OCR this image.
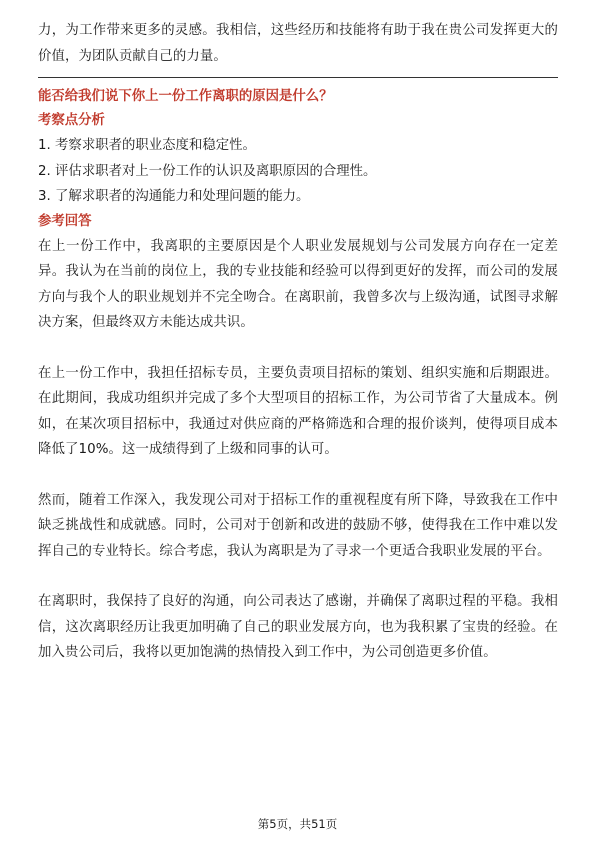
力，为工作带来更多的灵感。我相信，这些经历和技能将有助于我在贵公司发挥更大的价值，为团队贡献自己的力量。

能否给我们说下你上一份工作离职的原因是什么？

考察点分析

1. 考察求职者的职业态度和稳定性。

2. 评估求职者对上一份工作的认识及离职原因的合理性。

3. 了解求职者的沟通能力和处理问题的能力。

参考回答

在上一份工作中，我离职的主要原因是个人职业发展规划与公司发展方向存在一定差异。我认为在当前的岗位上，我的专业技能和经验可以得到更好的发挥，而公司的发展方向与我个人的职业规划并不完全吻合。在离职前，我曾多次与上级沟通，试图寻求解决方案，但最终双方未能达成共识。

在上一份工作中，我担任招标专员，主要负责项目招标的策划、组织实施和后期跟进。在此期间，我成功组织并完成了多个大型项目的招标工作，为公司节省了大量成本。例如，在某次项目招标中，我通过对供应商的严格筛选和合理的报价谈判，使得项目成本降低了10%。这一成绩得到了上级和同事的认可。

然而，随着工作深入，我发现公司对于招标工作的重视程度有所下降，导致我在工作中缺乏挑战性和成就感。同时，公司对于创新和改进的鼓励不够，使得我在工作中难以发挥自己的专业特长。综合考虑，我认为离职是为了寻求一个更适合我职业发展的平台。

在离职时，我保持了良好的沟通，向公司表达了感谢，并确保了离职过程的平稳。我相信，这次离职经历让我更加明确了自己的职业发展方向，也为我积累了宝贵的经验。在加入贵公司后，我将以更加饱满的热情投入到工作中，为公司创造更多价值。

第5页，共51页
